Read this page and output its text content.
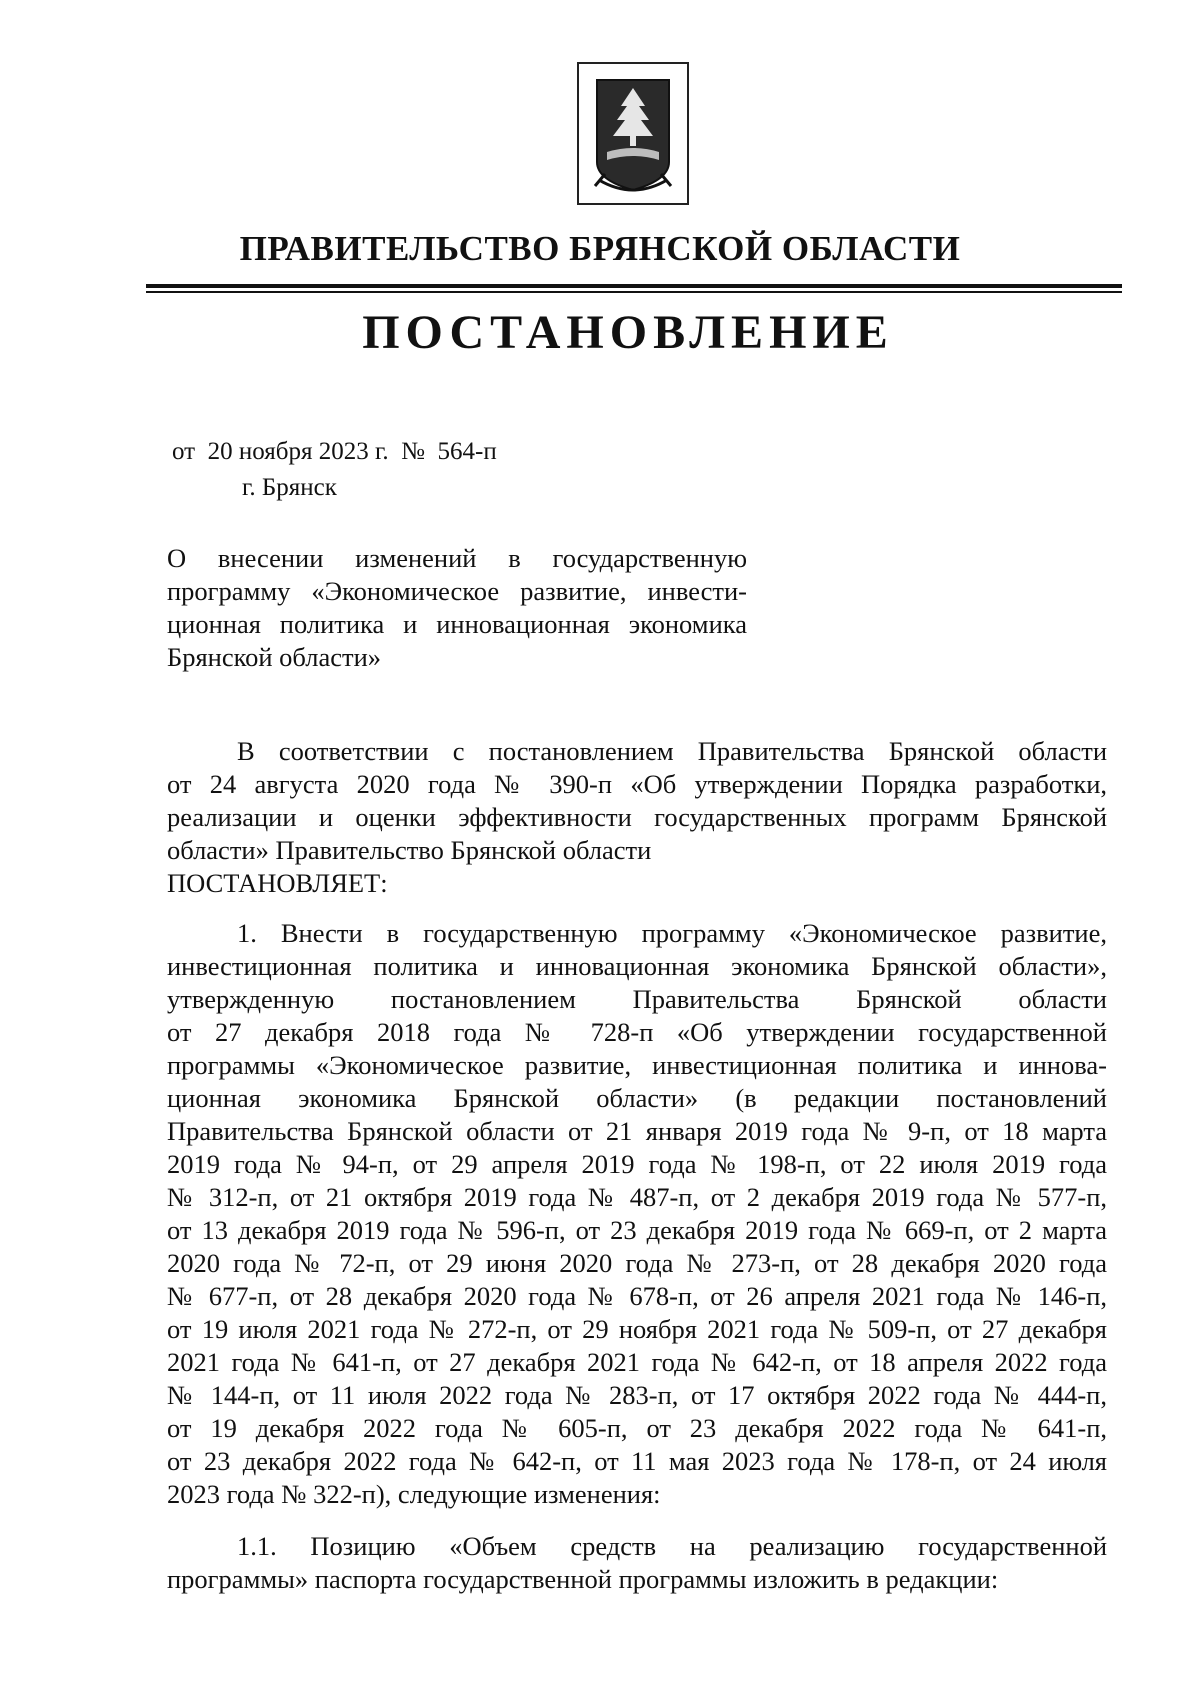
ПРАВИТЕЛЬСТВО БРЯНСКОЙ ОБЛАСТИ
ПОСТАНОВЛЕНИЕ
от  20 ноября 2023 г.  №  564-п
г. Брянск
О внесении изменений в государственную
программу «Экономическое развитие, инвести-
ционная политика и инновационная экономика
Брянской области»
В соответствии с постановлением Правительства Брянской области
от 24 августа 2020 года № 390-п «Об утверждении Порядка разработки,
реализации и оценки эффективности государственных программ Брянской
области» Правительство Брянской области
ПОСТАНОВЛЯЕТ:
1. Внести в государственную программу «Экономическое развитие,
инвестиционная политика и инновационная экономика Брянской области»,
утвержденную постановлением Правительства Брянской области
от 27 декабря 2018 года № 728-п «Об утверждении государственной
программы «Экономическое развитие, инвестиционная политика и иннова-
ционная экономика Брянской области» (в редакции постановлений
Правительства Брянской области от 21 января 2019 года № 9-п, от 18 марта
2019 года № 94-п, от 29 апреля 2019 года № 198-п, от 22 июля 2019 года
№ 312-п, от 21 октября 2019 года № 487-п, от 2 декабря 2019 года № 577-п,
от 13 декабря 2019 года № 596-п, от 23 декабря 2019 года № 669-п, от 2 марта
2020 года № 72-п, от 29 июня 2020 года № 273-п, от 28 декабря 2020 года
№ 677-п, от 28 декабря 2020 года № 678-п, от 26 апреля 2021 года № 146-п,
от 19 июля 2021 года № 272-п, от 29 ноября 2021 года № 509-п, от 27 декабря
2021 года № 641-п, от 27 декабря 2021 года № 642-п, от 18 апреля 2022 года
№ 144-п, от 11 июля 2022 года № 283-п, от 17 октября 2022 года № 444-п,
от 19 декабря 2022 года № 605-п, от 23 декабря 2022 года № 641-п,
от 23 декабря 2022 года № 642-п, от 11 мая 2023 года № 178-п, от 24 июля
2023 года № 322-п), следующие изменения:
1.1. Позицию «Объем средств на реализацию государственной
программы» паспорта государственной программы изложить в редакции:
